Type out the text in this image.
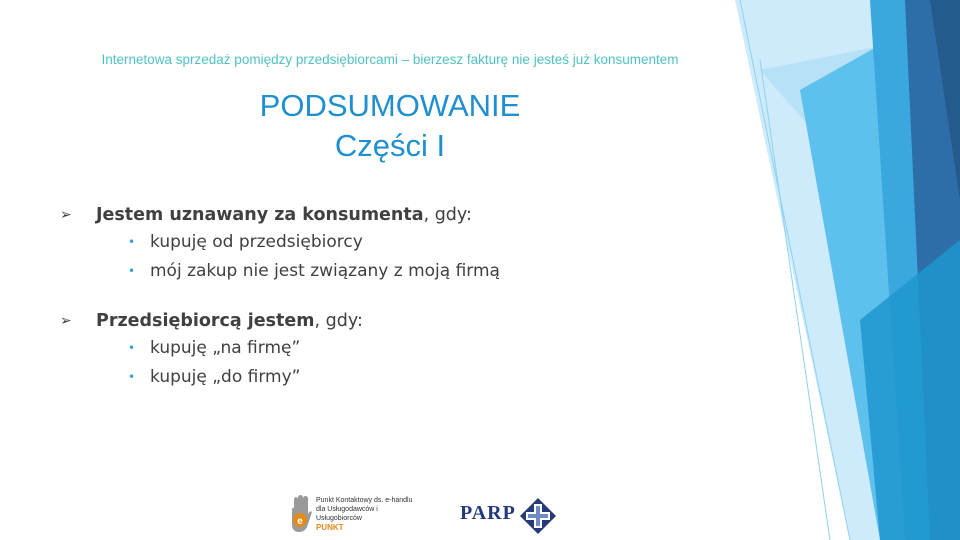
Internetowa sprzedaż pomiędzy przedsiębiorcami – bierzesz fakturę nie jesteś już konsumentem
PODSUMOWANIE
Części I
➢ Jestem uznawany za konsumenta, gdy:
• kupuję od przedsiębiorcy
• mój zakup nie jest związany z moją firmą
➢ Przedsiębiorcą jestem, gdy:
• kupuję „na firmę”
• kupuję „do firmy”
e
Punkt Kontaktowy ds. e-handlu
dla Usługodawców i Usługobiorców
PUNKT
PARP
